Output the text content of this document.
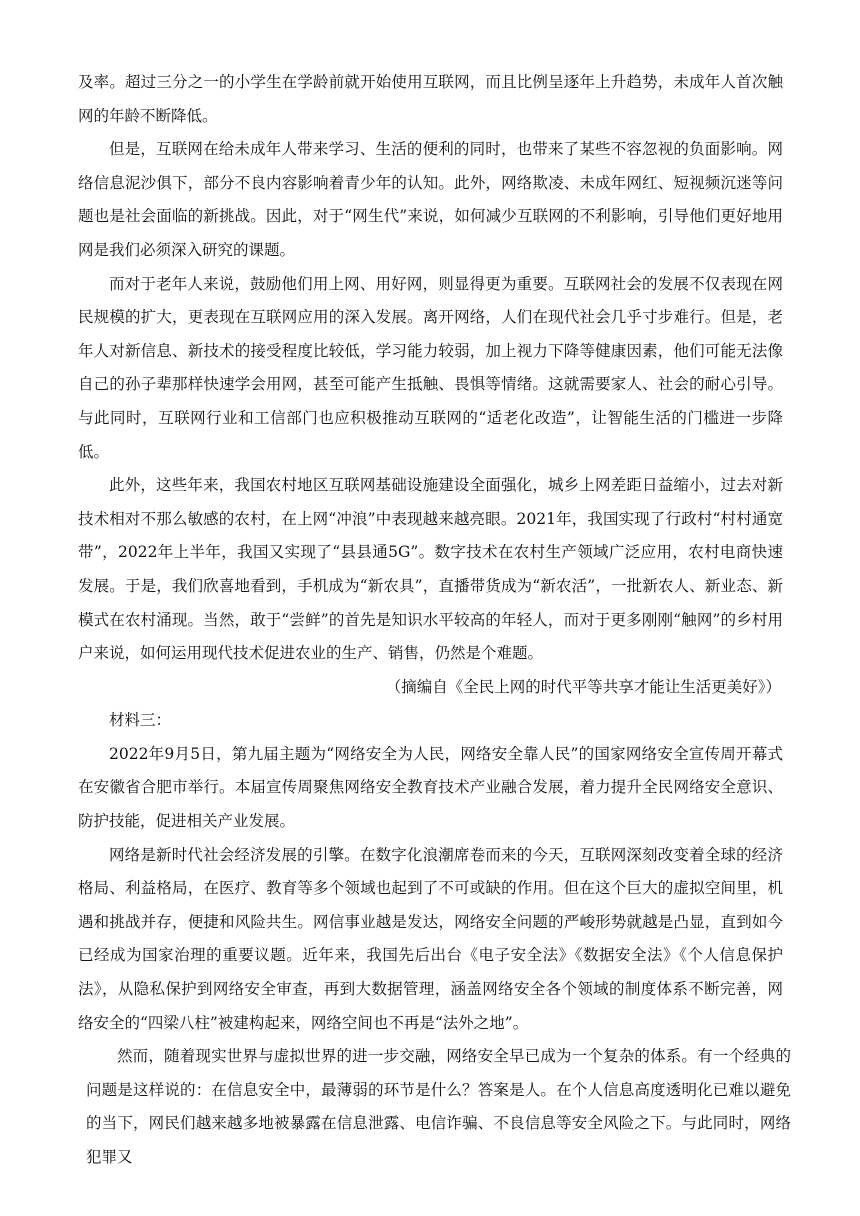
及率。超过三分之一的小学生在学龄前就开始使用互联网，而且比例呈逐年上升趋势，未成年人首次触网的年龄不断降低。

但是，互联网在给未成年人带来学习、生活的便利的同时，也带来了某些不容忽视的负面影响。网络信息泥沙俱下，部分不良内容影响着青少年的认知。此外，网络欺凌、未成年网红、短视频沉迷等问题也是社会面临的新挑战。因此，对于“网生代”来说，如何减少互联网的不利影响，引导他们更好地用网是我们必须深入研究的课题。

而对于老年人来说，鼓励他们用上网、用好网，则显得更为重要。互联网社会的发展不仅表现在网民规模的扩大，更表现在互联网应用的深入发展。离开网络，人们在现代社会几乎寸步难行。但是，老年人对新信息、新技术的接受程度比较低，学习能力较弱，加上视力下降等健康因素，他们可能无法像自己的孙子辈那样快速学会用网，甚至可能产生抵触、畏惧等情绪。这就需要家人、社会的耐心引导。与此同时，互联网行业和工信部门也应积极推动互联网的“适老化改造”，让智能生活的门槛进一步降低。

此外，这些年来，我国农村地区互联网基础设施建设全面强化，城乡上网差距日益缩小，过去对新技术相对不那么敏感的农村，在上网“冲浪”中表现越来越亮眼。2021年，我国实现了行政村“村村通宽带”，2022年上半年，我国又实现了“县县通5G”。数字技术在农村生产领域广泛应用，农村电商快速发展。于是，我们欣喜地看到，手机成为“新农具”，直播带货成为“新农活”，一批新农人、新业态、新模式在农村涌现。当然，敢于“尝鲜”的首先是知识水平较高的年轻人，而对于更多刚刚“触网”的乡村用户来说，如何运用现代技术促进农业的生产、销售，仍然是个难题。

（摘编自《全民上网的时代平等共享才能让生活更美好》）

材料三：

2022年9月5日，第九届主题为“网络安全为人民，网络安全靠人民”的国家网络安全宣传周开幕式在安徽省合肥市举行。本届宣传周聚焦网络安全教育技术产业融合发展，着力提升全民网络安全意识、防护技能，促进相关产业发展。

网络是新时代社会经济发展的引擎。在数字化浪潮席卷而来的今天，互联网深刻改变着全球的经济格局、利益格局，在医疗、教育等多个领域也起到了不可或缺的作用。但在这个巨大的虚拟空间里，机遇和挑战并存，便捷和风险共生。网信事业越是发达，网络安全问题的严峻形势就越是凸显，直到如今已经成为国家治理的重要议题。近年来，我国先后出台《电子安全法》《数据安全法》《个人信息保护法》，从隐私保护到网络安全审查，再到大数据管理，涵盖网络安全各个领域的制度体系不断完善，网络安全的“四梁八柱”被建构起来，网络空间也不再是“法外之地”。

然而，随着现实世界与虚拟世界的进一步交融，网络安全早已成为一个复杂的体系。有一个经典的问题是这样说的：在信息安全中，最薄弱的环节是什么？答案是人。在个人信息高度透明化已难以避免的当下，网民们越来越多地被暴露在信息泄露、电信诈骗、不良信息等安全风险之下。与此同时，网络犯罪又
